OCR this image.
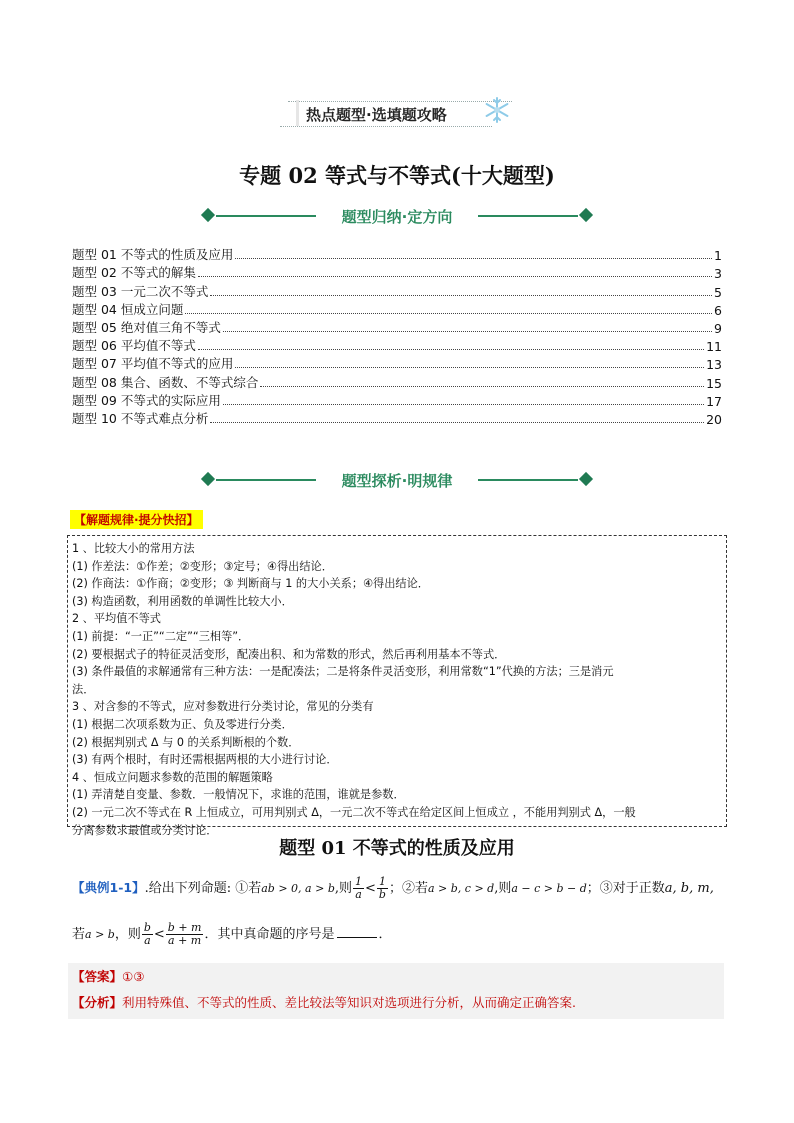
热点题型·选填题攻略
专题 02 等式与不等式(十大题型)
题型归纳·定方向
题型 01 不等式的性质及应用	1
题型 02 不等式的解集	3
题型 03 一元二次不等式	5
题型 04 恒成立问题	6
题型 05 绝对值三角不等式	9
题型 06 平均值不等式	11
题型 07 平均值不等式的应用	13
题型 08 集合、函数、不等式综合	15
题型 09 不等式的实际应用	17
题型 10 不等式难点分析	20
题型探析·明规律
【解题规律·提分快招】
1 、比较大小的常用方法
(1) 作差法：①作差；②变形；③定号；④得出结论．
(2) 作商法：①作商；②变形；③ 判断商与 1 的大小关系；④得出结论．
(3) 构造函数，利用函数的单调性比较大小．
2 、平均值不等式
(1) 前提：“一正”“二定”“三相等”．
(2) 要根据式子的特征灵活变形，配凑出积、和为常数的形式，然后再利用基本不等式．
(3) 条件最值的求解通常有三种方法：一是配凑法；二是将条件灵活变形，利用常数“1”代换的方法；三是消元
法．
3 、对含参的不等式，应对参数进行分类讨论，常见的分类有
(1) 根据二次项系数为正、负及零进行分类．
(2) 根据判别式 Δ 与 0 的关系判断根的个数．
(3) 有两个根时，有时还需根据两根的大小进行讨论．
4 、恒成立问题求参数的范围的解题策略
(1) 弄清楚自变量、参数．一般情况下，求谁的范围，谁就是参数．
(2) 一元二次不等式在 R 上恒成立，可用判别式 Δ，一元二次不等式在给定区间上恒成立 ，不能用判别式 Δ，一般
分离参数求最值或分类讨论．
题型 01 不等式的性质及应用
【典例1-1】.给出下列命题: ①若ab > 0, a > b,则 $\frac{1}{a} < \frac{1}{b}$ ；②若a > b, c > d,则a − c > b − d；③对于正数a, b, m,
若a > b，则 $\frac{b}{a} < \frac{b + m}{a + m}$ ．其中真命题的序号是	．
【答案】①③
【分析】利用特殊值、不等式的性质、差比较法等知识对选项进行分析，从而确定正确答案.
